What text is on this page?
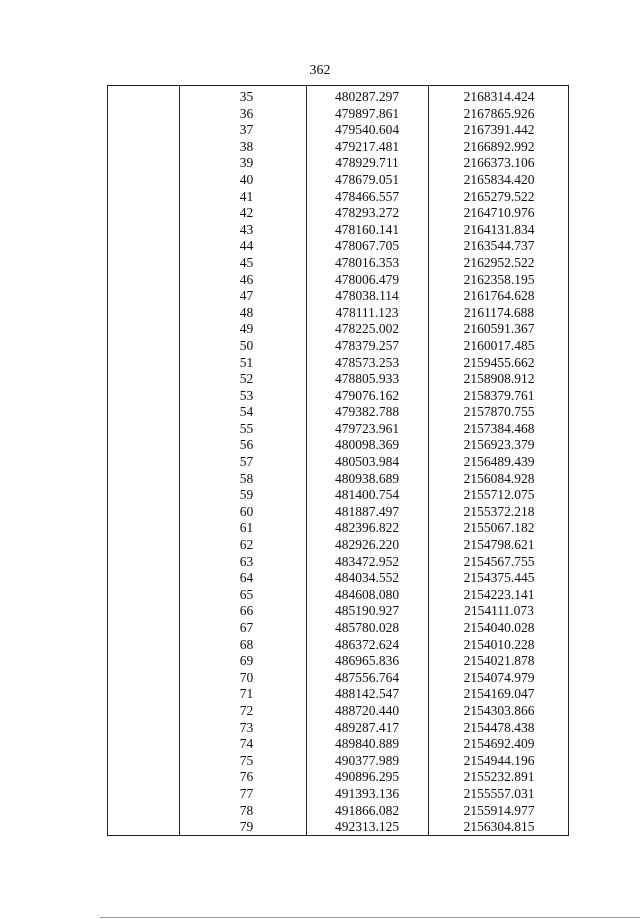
362
	35	480287.297	2168314.424
	36	479897.861	2167865.926
	37	479540.604	2167391.442
	38	479217.481	2166892.992
	39	478929.711	2166373.106
	40	478679.051	2165834.420
	41	478466.557	2165279.522
	42	478293.272	2164710.976
	43	478160.141	2164131.834
	44	478067.705	2163544.737
	45	478016.353	2162952.522
	46	478006.479	2162358.195
	47	478038.114	2161764.628
	48	478111.123	2161174.688
	49	478225.002	2160591.367
	50	478379.257	2160017.485
	51	478573.253	2159455.662
	52	478805.933	2158908.912
	53	479076.162	2158379.761
	54	479382.788	2157870.755
	55	479723.961	2157384.468
	56	480098.369	2156923.379
	57	480503.984	2156489.439
	58	480938.689	2156084.928
	59	481400.754	2155712.075
	60	481887.497	2155372.218
	61	482396.822	2155067.182
	62	482926.220	2154798.621
	63	483472.952	2154567.755
	64	484034.552	2154375.445
	65	484608.080	2154223.141
	66	485190.927	2154111.073
	67	485780.028	2154040.028
	68	486372.624	2154010.228
	69	486965.836	2154021.878
	70	487556.764	2154074.979
	71	488142.547	2154169.047
	72	488720.440	2154303.866
	73	489287.417	2154478.438
	74	489840.889	2154692.409
	75	490377.989	2154944.196
	76	490896.295	2155232.891
	77	491393.136	2155557.031
	78	491866.082	2155914.977
	79	492313.125	2156304.815
